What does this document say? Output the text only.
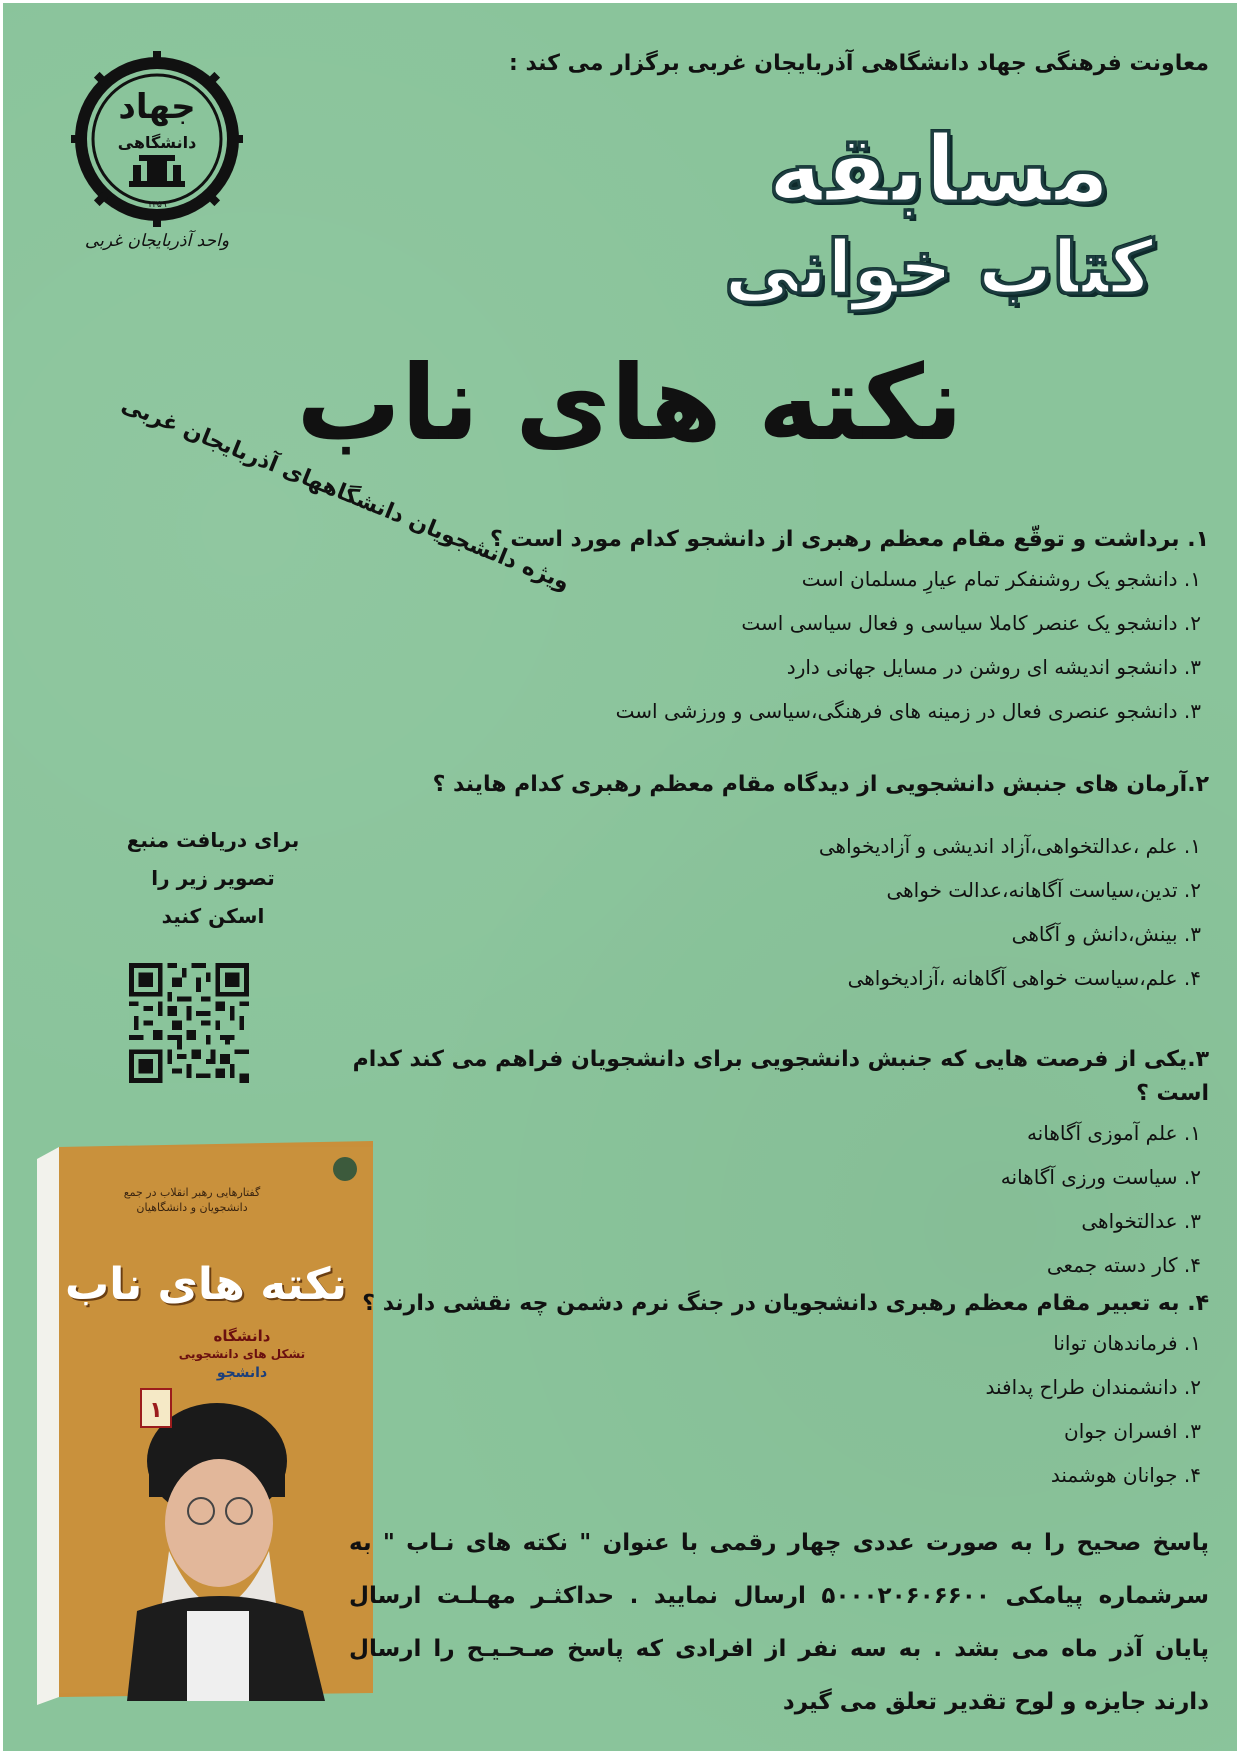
معاونت فرهنگی جهاد دانشگاهی آذربایجان غربی برگزار می کند :
۱۳۵۹
جهاد
دانشگاهی
واحد آذربایجان غربی
مسابقه
کتاب خوانی
نکته های ناب
ویژه دانشجویان دانشگاههای آذربایجان غربی
برای دریافت منبع تصویر زیر را
اسکن کنید
۱
گفتارهایی رهبر انقلاب در جمع دانشجویان و دانشگاهیان
نکته های ناب
دانشگاه
تشکل های دانشجویی
دانشجو

۱. برداشت و توقّع مقام معظم رهبری از دانشجو کدام مورد است ؟

۱. دانشجو یک روشنفکر تمام عیارِ مسلمان است
۲. دانشجو یک عنصر کاملا سیاسی و فعال سیاسی است
۳. دانشجو اندیشه ای روشن در مسایل جهانی دارد
۳. دانشجو عنصری فعال در زمینه های فرهنگی،سیاسی و ورزشی است

۲.آرمان های جنبش دانشجویی از دیدگاه مقام معظم رهبری کدام هایند ؟

۱. علم ،عدالتخواهی،آزاد اندیشی و آزادیخواهی
۲. تدین،سیاست آگاهانه،عدالت خواهی
۳. بینش،دانش و آگاهی
۴. علم،سیاست خواهی آگاهانه ،آزادیخواهی

۳.یکی از فرصت هایی که جنبش دانشجویی برای دانشجویان فراهم می کند کدام است ؟

۱. علم آموزی آگاهانه
۲. سیاست ورزی آگاهانه
۳. عدالتخواهی
۴. کار دسته جمعی

۴. به تعبیر مقام معظم رهبری دانشجویان در جنگ نرم دشمن چه نقشی دارند ؟

۱. فرماندهان توانا
۲. دانشمندان طراح پدافند
۳. افسران جوان
۴. جوانان هوشمند
پاسخ صحیح را به صورت عددی چهار رقمی با عنوان " نکته های نـاب " به سرشماره پیامکی ۵۰۰۰۲۰۶۰۶۶۰۰ ارسال نمایید . حداکثـر مهـلـت ارسال پایان آذر ماه می بشد . به سه نفر از افرادی که پاسخ صـحـیـح را ارسال دارند جایزه و لوح تقدیر تعلق می گیرد
